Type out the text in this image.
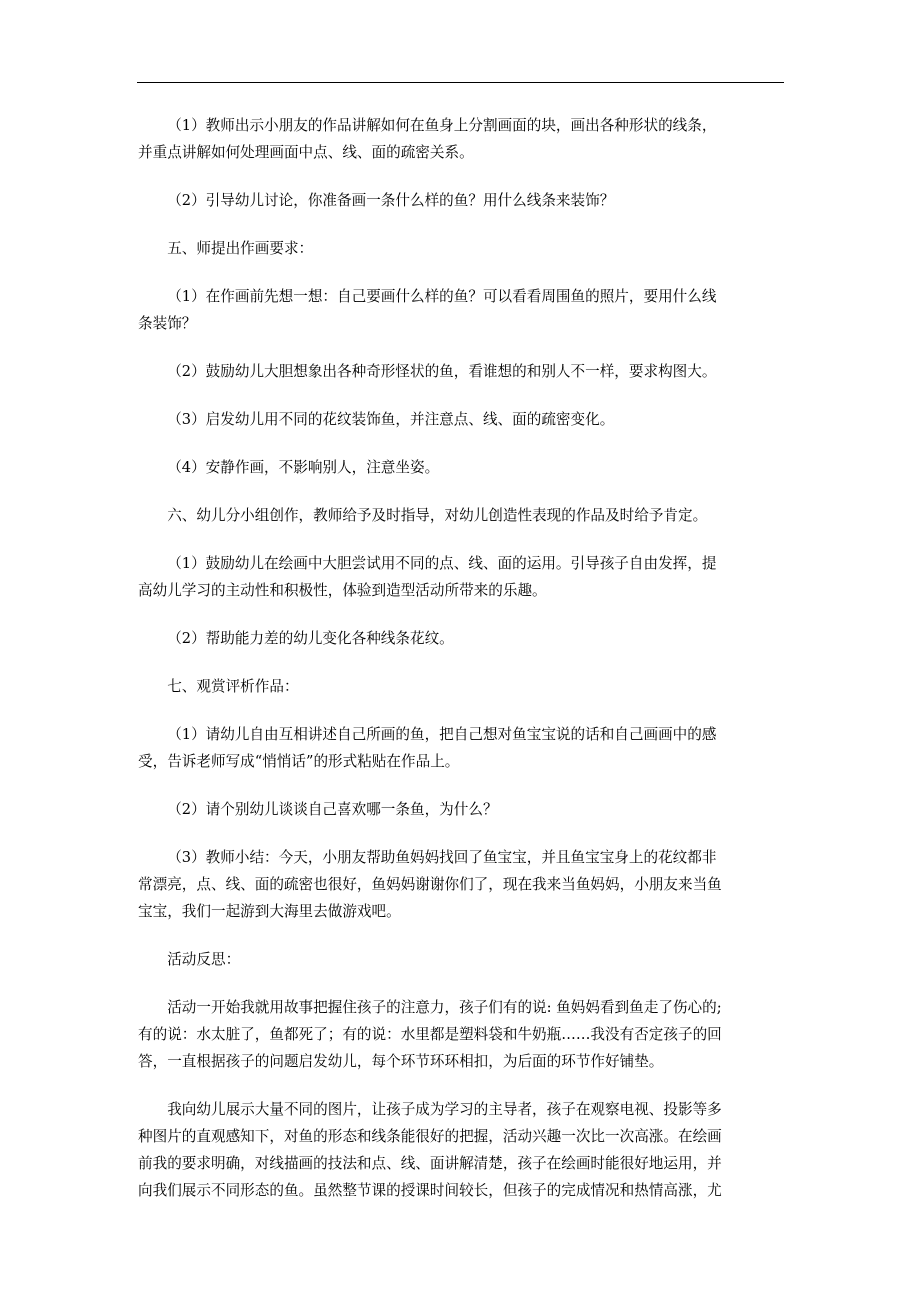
（1）教师出示小朋友的作品讲解如何在鱼身上分割画面的块，画出各种形状的线条，
并重点讲解如何处理画面中点、线、面的疏密关系。

（2）引导幼儿讨论，你准备画一条什么样的鱼？用什么线条来装饰？

五、师提出作画要求：

（1）在作画前先想一想：自己要画什么样的鱼？可以看看周围鱼的照片，要用什么线
条装饰？

（2）鼓励幼儿大胆想象出各种奇形怪状的鱼，看谁想的和别人不一样，要求构图大。

（3）启发幼儿用不同的花纹装饰鱼，并注意点、线、面的疏密变化。

（4）安静作画，不影响别人，注意坐姿。

六、幼儿分小组创作，教师给予及时指导，对幼儿创造性表现的作品及时给予肯定。

（1）鼓励幼儿在绘画中大胆尝试用不同的点、线、面的运用。引导孩子自由发挥，提
高幼儿学习的主动性和积极性，体验到造型活动所带来的乐趣。

（2）帮助能力差的幼儿变化各种线条花纹。

七、观赏评析作品：

（1）请幼儿自由互相讲述自己所画的鱼，把自己想对鱼宝宝说的话和自己画画中的感
受，告诉老师写成“悄悄话”的形式粘贴在作品上。

（2）请个别幼儿谈谈自己喜欢哪一条鱼，为什么？

（3）教师小结：今天，小朋友帮助鱼妈妈找回了鱼宝宝，并且鱼宝宝身上的花纹都非
常漂亮，点、线、面的疏密也很好，鱼妈妈谢谢你们了，现在我来当鱼妈妈，小朋友来当鱼
宝宝，我们一起游到大海里去做游戏吧。

活动反思：

活动一开始我就用故事把握住孩子的注意力，孩子们有的说: 鱼妈妈看到鱼走了伤心的;
有的说：水太脏了，鱼都死了；有的说：水里都是塑料袋和牛奶瓶……我没有否定孩子的回
答，一直根据孩子的问题启发幼儿，每个环节环环相扣，为后面的环节作好铺垫。

我向幼儿展示大量不同的图片，让孩子成为学习的主导者，孩子在观察电视、投影等多
种图片的直观感知下，对鱼的形态和线条能很好的把握，活动兴趣一次比一次高涨。在绘画
前我的要求明确，对线描画的技法和点、线、面讲解清楚，孩子在绘画时能很好地运用，并
向我们展示不同形态的鱼。虽然整节课的授课时间较长，但孩子的完成情况和热情高涨，尤
